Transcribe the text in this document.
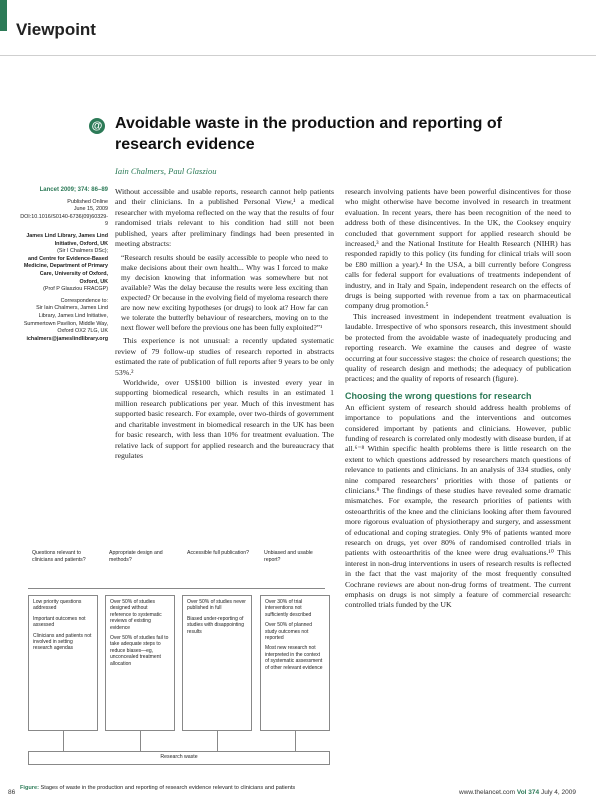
Viewpoint
@ Avoidable waste in the production and reporting of research evidence
Iain Chalmers, Paul Glasziou
Lancet 2009; 374: 86–89
Published Online
June 15, 2009
DOI:10.1016/S0140-6736(09)60329-9
James Lind Library, James Lind Initiative, Oxford, UK
(Sir I Chalmers DSc);
and Centre for Evidence-Based Medicine, Department of Primary Care, University of Oxford, Oxford, UK
(Prof P Glasziou FRACGP)
Correspondence to:
Sir Iain Chalmers, James Lind Library, James Lind Initiative, Summertown Pavilion, Middle Way, Oxford OX2 7LG, UK
ichalmers@jameslindlibrary.org

Without accessible and usable reports, research cannot help patients and their clinicians. In a published Personal View,¹ a medical researcher with myeloma reflected on the way that the results of four randomised trials relevant to his condition had still not been published, years after preliminary findings had been presented in meeting abstracts:

“Research results should be easily accessible to people who need to make decisions about their own health... Why was I forced to make my decision knowing that information was somewhere but not available? Was the delay because the results were less exciting than expected? Or because in the evolving field of myeloma research there are now new exciting hypotheses (or drugs) to look at? How far can we tolerate the butterfly behaviour of researchers, moving on to the next flower well before the previous one has been fully exploited?”¹

This experience is not unusual: a recently updated systematic review of 79 follow-up studies of research reported in abstracts estimated the rate of publication of full reports after 9 years to be only 53%.²

Worldwide, over US$100 billion is invested every year in supporting biomedical research, which results in an estimated 1 million research publications per year. Much of this investment has supported basic research. For example, over two-thirds of government and charitable investment in biomedical research in the UK has been for basic research, with less than 10% for treatment evaluation. The relative lack of support for applied research and the bureaucracy that regulates

research involving patients have been powerful disincentives for those who might otherwise have become involved in research in treatment evaluation. In recent years, there has been recognition of the need to address both of these disincentives. In the UK, the Cooksey enquiry concluded that government support for applied research should be increased,³ and the National Institute for Health Research (NIHR) has responded rapidly to this policy (its funding for clinical trials will soon be £80 million a year).⁴ In the USA, a bill currently before Congress calls for federal support for evaluations of treatments independent of industry, and in Italy and Spain, independent research on the effects of drugs is being supported with revenue from a tax on pharmaceutical company drug promotion.⁵

This increased investment in independent treatment evaluation is laudable. Irrespective of who sponsors research, this investment should be protected from the avoidable waste of inadequately producing and reporting research. We examine the causes and degree of waste occurring at four successive stages: the choice of research questions; the quality of research design and methods; the adequacy of publication practices; and the quality of reports of research (figure).

Choosing the wrong questions for research

An efficient system of research should address health problems of importance to populations and the interventions and outcomes considered important by patients and clinicians. However, public funding of research is correlated only modestly with disease burden, if at all.⁶⁻⁸ Within specific health problems there is little research on the extent to which questions addressed by researchers match questions of relevance to patients and clinicians. In an analysis of 334 studies, only nine compared researchers’ priorities with those of patients or clinicians.⁹ The findings of these studies have revealed some dramatic mismatches. For example, the research priorities of patients with osteoarthritis of the knee and the clinicians looking after them favoured more rigorous evaluation of physiotherapy and surgery, and assessment of educational and coping strategies. Only 9% of patients wanted more research on drugs, yet over 80% of randomised controlled trials in patients with osteoarthritis of the knee were drug evaluations.¹⁰ This interest in non-drug interventions in users of research results is reflected in the fact that the vast majority of the most frequently consulted Cochrane reviews are about non-drug forms of treatment. The current emphasis on drugs is not simply a feature of commercial research: controlled trials funded by the UK

Questions relevant to clinicians and patients?
Appropriate design and methods?
Accessible full publication?	Unbiased and usable report?

Low priority questions addressed

Important outcomes not assessed

Clinicians and patients not involved in setting research agendas

Over 50% of studies designed without reference to systematic reviews of existing evidence

Over 50% of studies fail to take adequate steps to reduce biases—eg, unconcealed treatment allocation

Over 50% of studies never published in full

Biased under-reporting of studies with disappointing results

Over 30% of trial interventions not sufficiently described

Over 50% of planned study outcomes not reported

Most new research not interpreted in the context of systematic assessment of other relevant evidence

Research waste
Figure: Stages of waste in the production and reporting of research evidence relevant to clinicians and patients
86	www.thelancet.com Vol 374 July 4, 2009
